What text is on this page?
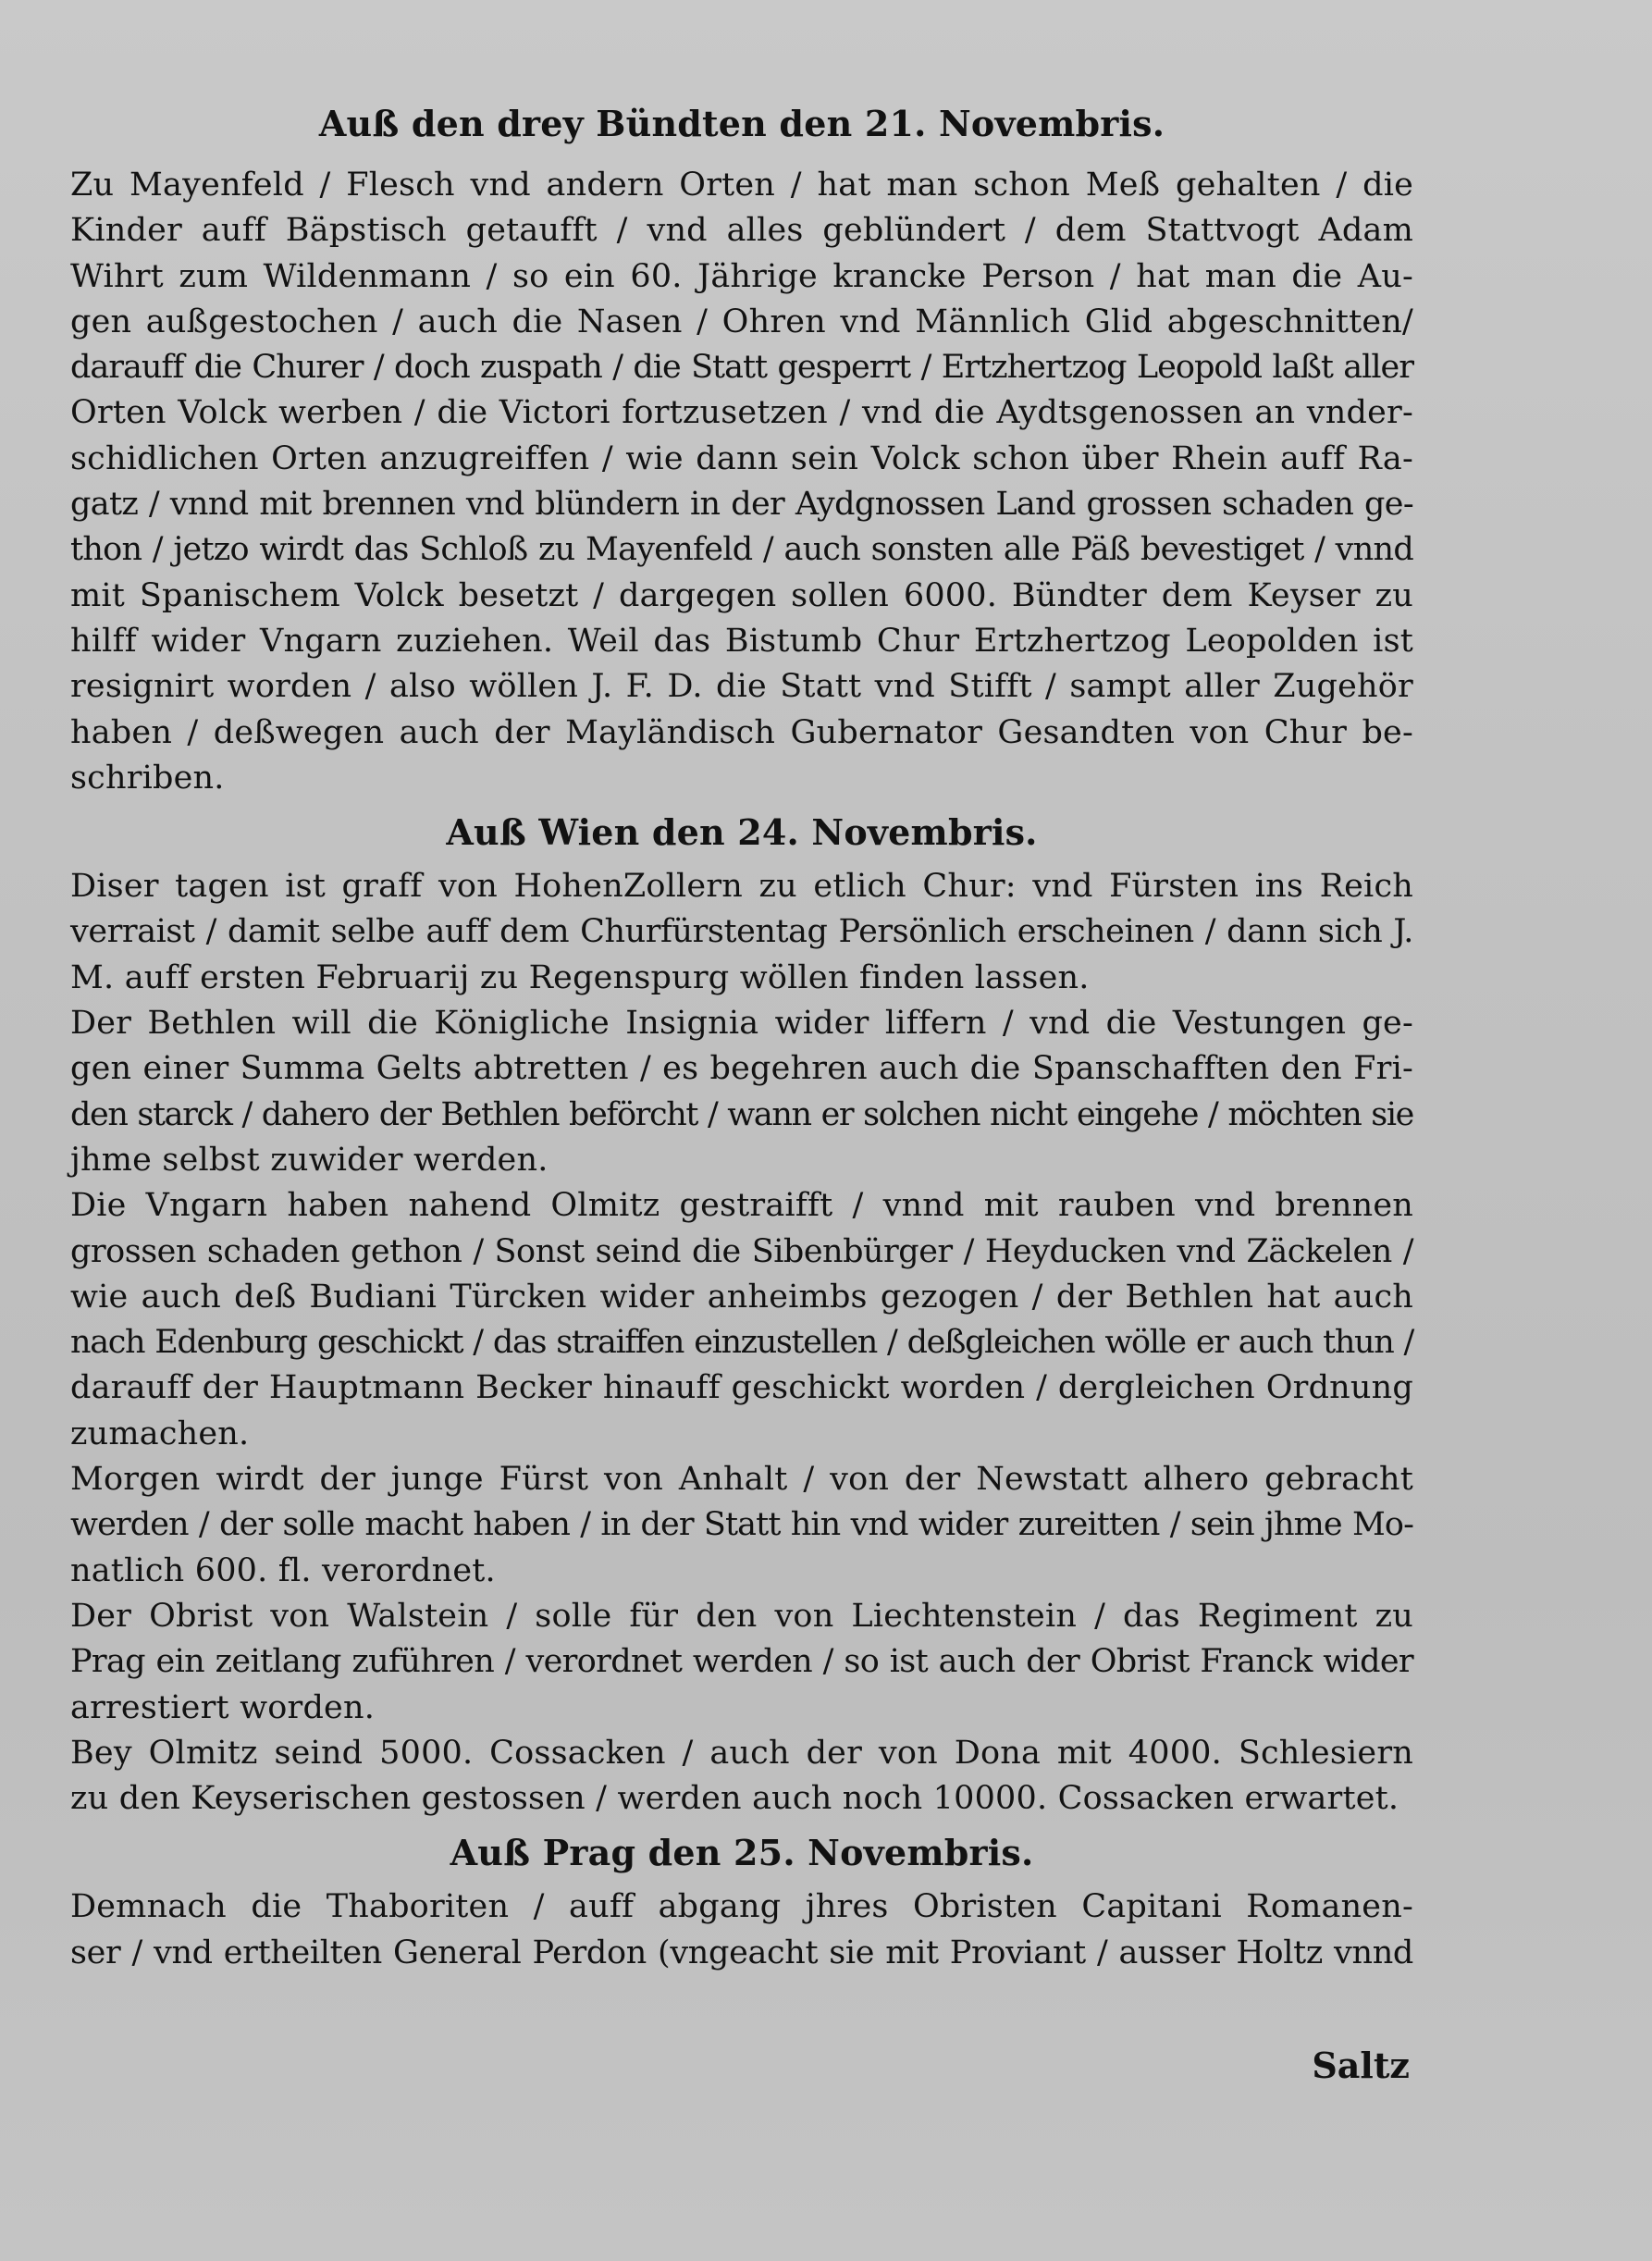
Auß den drey Bündten den 21. Novembris.
Zu Mayenfeld / Flesch vnd andern Orten / hat man schon Meß gehalten / die
Kinder auff Bäpstisch getaufft / vnd alles geblündert / dem Stattvogt Adam
Wihrt zum Wildenmann / so ein 60. Jährige krancke Person / hat man die Au-
gen außgestochen / auch die Nasen / Ohren vnd Männlich Glid abgeschnitten/
darauff die Churer / doch zuspath / die Statt gesperrt / Ertzhertzog Leopold laßt aller
Orten Volck werben / die Victori fortzusetzen / vnd die Aydtsgenossen an vnder-
schidlichen Orten anzugreiffen / wie dann sein Volck schon über Rhein auff Ra-
gatz / vnnd mit brennen vnd blündern in der Aydgnossen Land grossen schaden ge-
thon / jetzo wirdt das Schloß zu Mayenfeld / auch sonsten alle Päß bevestiget / vnnd
mit Spanischem Volck besetzt / dargegen sollen 6000. Bündter dem Keyser zu
hilff wider Vngarn zuziehen. Weil das Bistumb Chur Ertzhertzog Leopolden ist
resignirt worden / also wöllen J. F. D. die Statt vnd Stifft / sampt aller Zugehör
haben / deßwegen auch der Mayländisch Gubernator Gesandten von Chur be-
schriben.
Auß Wien den 24. Novembris.
Diser tagen ist graff von HohenZollern zu etlich Chur: vnd Fürsten ins Reich
verraist / damit selbe auff dem Churfürstentag Persönlich erscheinen / dann sich J.
M. auff ersten Februarij zu Regenspurg wöllen finden lassen.
Der Bethlen will die Königliche Insignia wider liffern / vnd die Vestungen ge-
gen einer Summa Gelts abtretten / es begehren auch die Spanschafften den Fri-
den starck / dahero der Bethlen beförcht / wann er solchen nicht eingehe / möchten sie
jhme selbst zuwider werden.
Die Vngarn haben nahend Olmitz gestraifft / vnnd mit rauben vnd brennen
grossen schaden gethon / Sonst seind die Sibenbürger / Heyducken vnd Zäckelen /
wie auch deß Budiani Türcken wider anheimbs gezogen / der Bethlen hat auch
nach Edenburg geschickt / das straiffen einzustellen / deßgleichen wölle er auch thun /
darauff der Hauptmann Becker hinauff geschickt worden / dergleichen Ordnung
zumachen.
Morgen wirdt der junge Fürst von Anhalt / von der Newstatt alhero gebracht
werden / der solle macht haben / in der Statt hin vnd wider zureitten / sein jhme Mo-
natlich 600. fl. verordnet.
Der Obrist von Walstein / solle für den von Liechtenstein / das Regiment zu
Prag ein zeitlang zuführen / verordnet werden / so ist auch der Obrist Franck wider
arrestiert worden.
Bey Olmitz seind 5000. Cossacken / auch der von Dona mit 4000. Schlesiern
zu den Keyserischen gestossen / werden auch noch 10000. Cossacken erwartet.
Auß Prag den 25. Novembris.
Demnach die Thaboriten / auff abgang jhres Obristen Capitani Romanen-
ser / vnd ertheilten General Perdon (vngeacht sie mit Proviant / ausser Holtz vnnd
Saltz
